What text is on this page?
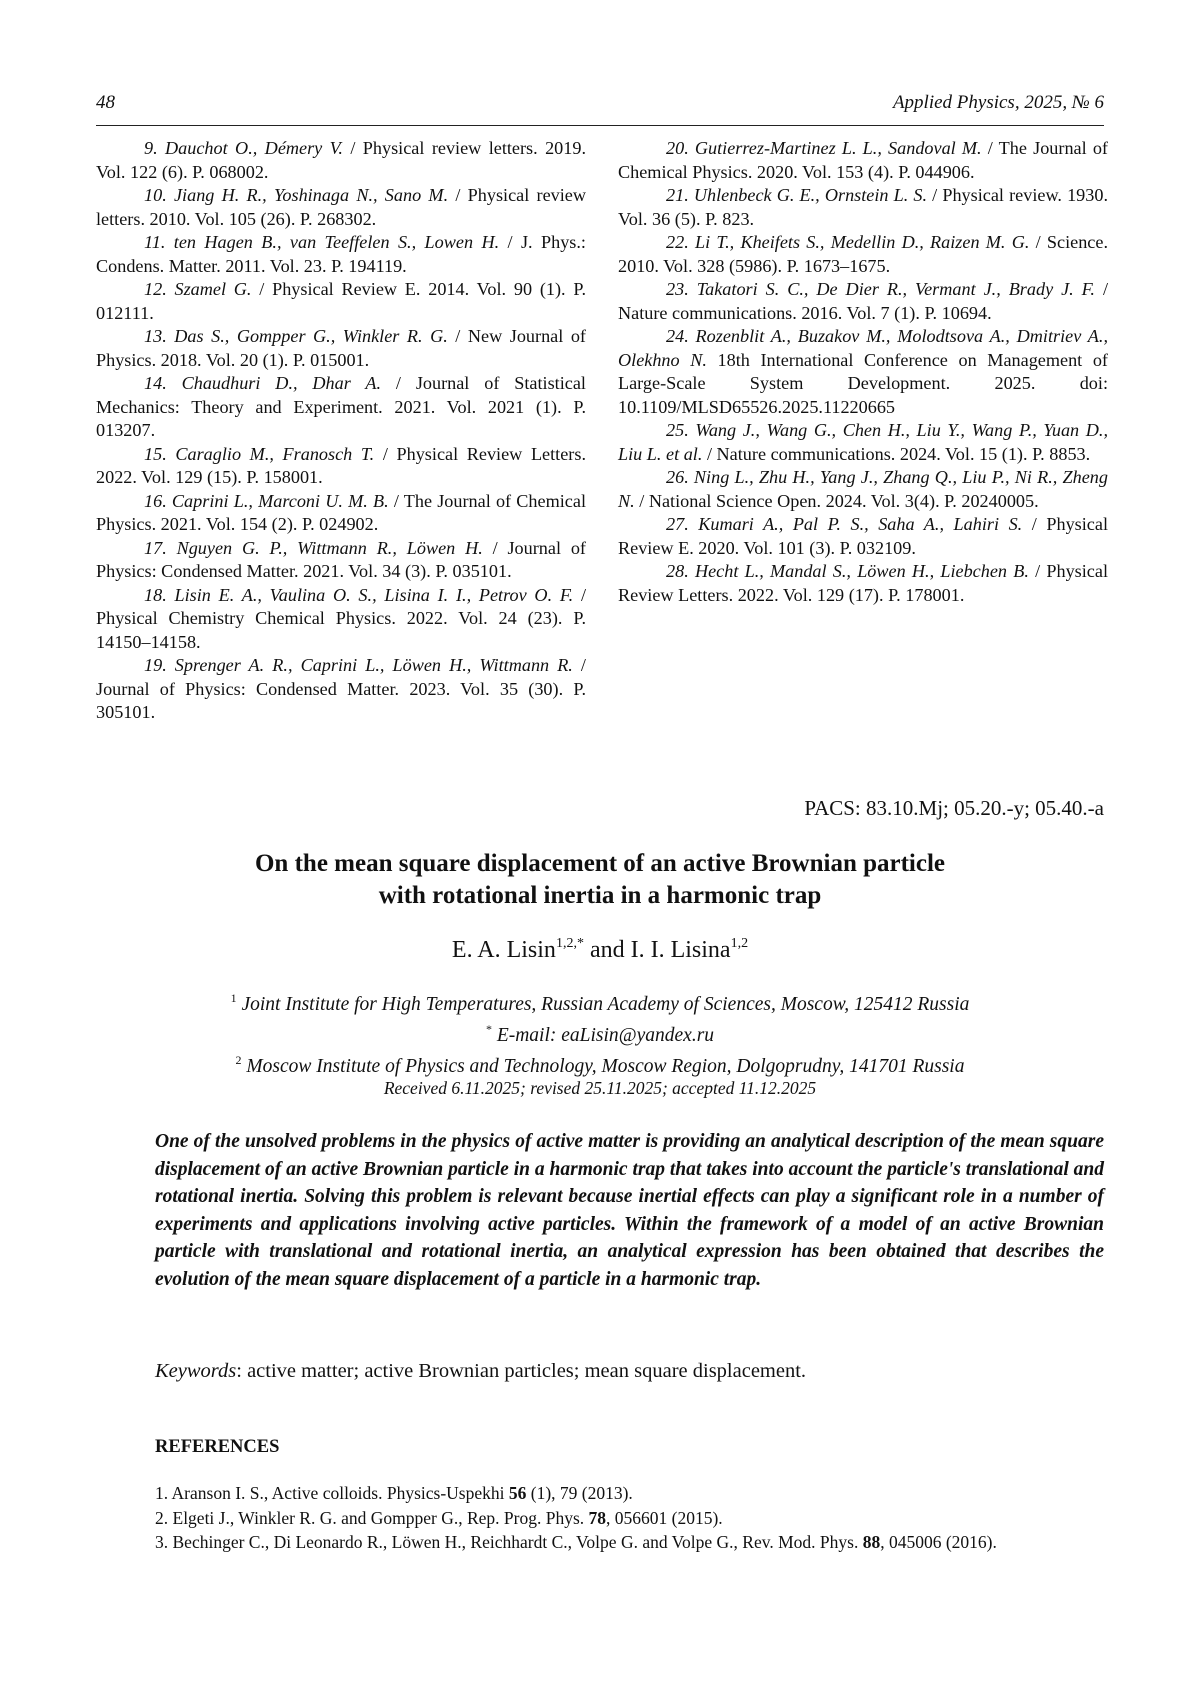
48	Applied Physics, 2025, № 6

9. Dauchot O., Démery V. / Physical review letters. 2019. Vol. 122 (6). P. 068002.

10. Jiang H. R., Yoshinaga N., Sano M. / Physical review letters. 2010. Vol. 105 (26). P. 268302.

11. ten Hagen B., van Teeffelen S., Lowen H. / J. Phys.: Condens. Matter. 2011. Vol. 23. P. 194119.

12. Szamel G. / Physical Review E. 2014. Vol. 90 (1). P. 012111.

13. Das S., Gompper G., Winkler R. G. / New Journal of Physics. 2018. Vol. 20 (1). P. 015001.

14. Chaudhuri D., Dhar A. / Journal of Statistical Mechanics: Theory and Experiment. 2021. Vol. 2021 (1). P. 013207.

15. Caraglio M., Franosch T. / Physical Review Letters. 2022. Vol. 129 (15). P. 158001.

16. Caprini L., Marconi U. M. B. / The Journal of Chemical Physics. 2021. Vol. 154 (2). P. 024902.

17. Nguyen G. P., Wittmann R., Löwen H. / Journal of Physics: Condensed Matter. 2021. Vol. 34 (3). P. 035101.

18. Lisin E. A., Vaulina O. S., Lisina I. I., Petrov O. F. / Physical Chemistry Chemical Physics. 2022. Vol. 24 (23). P. 14150–14158.

19. Sprenger A. R., Caprini L., Löwen H., Wittmann R. / Journal of Physics: Condensed Matter. 2023. Vol. 35 (30). P. 305101.

20. Gutierrez-Martinez L. L., Sandoval M. / The Journal of Chemical Physics. 2020. Vol. 153 (4). P. 044906.

21. Uhlenbeck G. E., Ornstein L. S. / Physical review. 1930. Vol. 36 (5). P. 823.

22. Li T., Kheifets S., Medellin D., Raizen M. G. / Science. 2010. Vol. 328 (5986). P. 1673–1675.

23. Takatori S. C., De Dier R., Vermant J., Brady J. F. / Nature communications. 2016. Vol. 7 (1). P. 10694.

24. Rozenblit A., Buzakov M., Molodtsova A., Dmitriev A., Olekhno N. 18th International Conference on Management of Large-Scale System Development. 2025. doi: 10.1109/MLSD65526.2025.11220665

25. Wang J., Wang G., Chen H., Liu Y., Wang P., Yuan D., Liu L. et al. / Nature communications. 2024. Vol. 15 (1). P. 8853.

26. Ning L., Zhu H., Yang J., Zhang Q., Liu P., Ni R., Zheng N. / National Science Open. 2024. Vol. 3(4). P. 20240005.

27. Kumari A., Pal P. S., Saha A., Lahiri S. / Physical Review E. 2020. Vol. 101 (3). P. 032109.

28. Hecht L., Mandal S., Löwen H., Liebchen B. / Physical Review Letters. 2022. Vol. 129 (17). P. 178001.

PACS: 83.10.Mj; 05.20.-y; 05.40.-a
On the mean square displacement of an active Brownian particle
with rotational inertia in a harmonic trap
E. A. Lisin$^{1,2,*}$ and I. I. Lisina$^{1,2}$
$^1$ Joint Institute for High Temperatures, Russian Academy of Sciences, Moscow, 125412 Russia
* E-mail: eaLisin@yandex.ru
$^2$ Moscow Institute of Physics and Technology, Moscow Region, Dolgoprudny, 141701 Russia
Received 6.11.2025; revised 25.11.2025; accepted 11.12.2025
One of the unsolved problems in the physics of active matter is providing an analytical description of the mean square displacement of an active Brownian particle in a harmonic trap that takes into account the particle's translational and rotational inertia. Solving this problem is relevant because inertial effects can play a significant role in a number of experiments and applications involving active particles. Within the framework of a model of an active Brownian particle with translational and rotational inertia, an analytical expression has been obtained that describes the evolution of the mean square displacement of a particle in a harmonic trap.
Keywords: active matter; active Brownian particles; mean square displacement.
REFERENCES

1. Aranson I. S., Active colloids. Physics-Uspekhi 56 (1), 79 (2013).

2. Elgeti J., Winkler R. G. and Gompper G., Rep. Prog. Phys. 78, 056601 (2015).

3. Bechinger C., Di Leonardo R., Löwen H., Reichhardt C., Volpe G. and Volpe G., Rev. Mod. Phys. 88, 045006 (2016).
